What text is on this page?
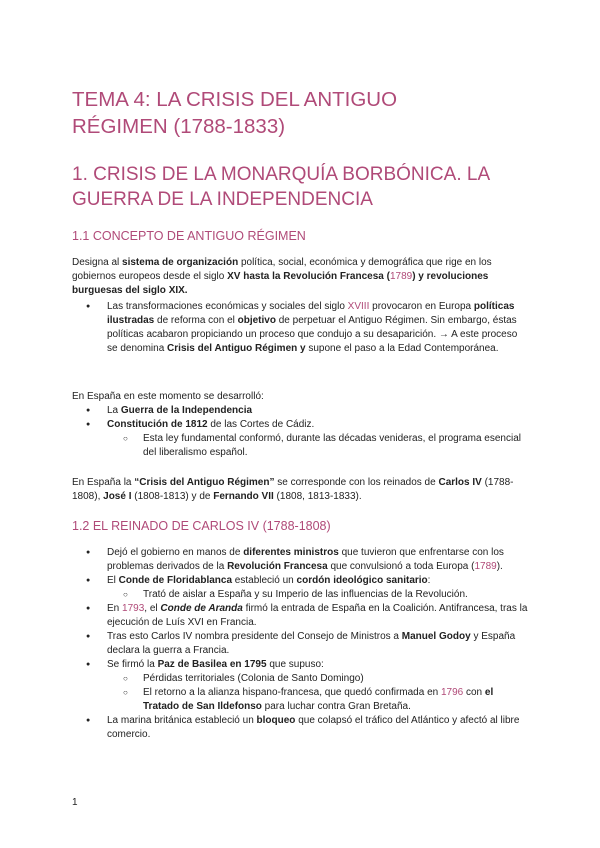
TEMA 4: LA CRISIS DEL ANTIGUO
RÉGIMEN (1788-1833)
1. CRISIS DE LA MONARQUÍA BORBÓNICA. LA
GUERRA DE LA INDEPENDENCIA
1.1 CONCEPTO DE ANTIGUO RÉGIMEN

Designa al sistema de organización política, social, económica y demográfica que rige en los gobiernos europeos desde el siglo XV hasta la Revolución Francesa (1789) y revoluciones burguesas del siglo XIX.

● Las transformaciones económicas y sociales del siglo XVIII provocaron en Europa políticas ilustradas de reforma con el objetivo de perpetuar el Antiguo Régimen. Sin embargo, éstas políticas acabaron propiciando un proceso que condujo a su desaparición. → A este proceso se denomina Crisis del Antiguo Régimen y supone el paso a la Edad Contemporánea.

En España en este momento se desarrolló:

● La Guerra de la Independencia
● Constitución de 1812 de las Cortes de Cádiz.
○ Esta ley fundamental conformó, durante las décadas venideras, el programa esencial del liberalismo español.

En España la “Crisis del Antiguo Régimen” se corresponde con los reinados de Carlos IV (1788-1808), José I (1808-1813) y de Fernando VII (1808, 1813-1833).

1.2 EL REINADO DE CARLOS IV (1788-1808)
● Dejó el gobierno en manos de diferentes ministros que tuvieron que enfrentarse con los problemas derivados de la Revolución Francesa que convulsionó a toda Europa (1789).
● El Conde de Floridablanca estableció un cordón ideológico sanitario:
○ Trató de aislar a España y su Imperio de las influencias de la Revolución.
● En 1793, el Conde de Aranda firmó la entrada de España en la Coalición. Antifrancesa, tras la ejecución de Luís XVI en Francia.
● Tras esto Carlos IV nombra presidente del Consejo de Ministros a Manuel Godoy y España declara la guerra a Francia.
● Se firmó la Paz de Basilea en 1795 que supuso:
○ Pérdidas territoriales (Colonia de Santo Domingo)
○ El retorno a la alianza hispano-francesa, que quedó confirmada en 1796 con el Tratado de San Ildefonso para luchar contra Gran Bretaña.
● La marina británica estableció un bloqueo que colapsó el tráfico del Atlántico y afectó al libre comercio.
1
